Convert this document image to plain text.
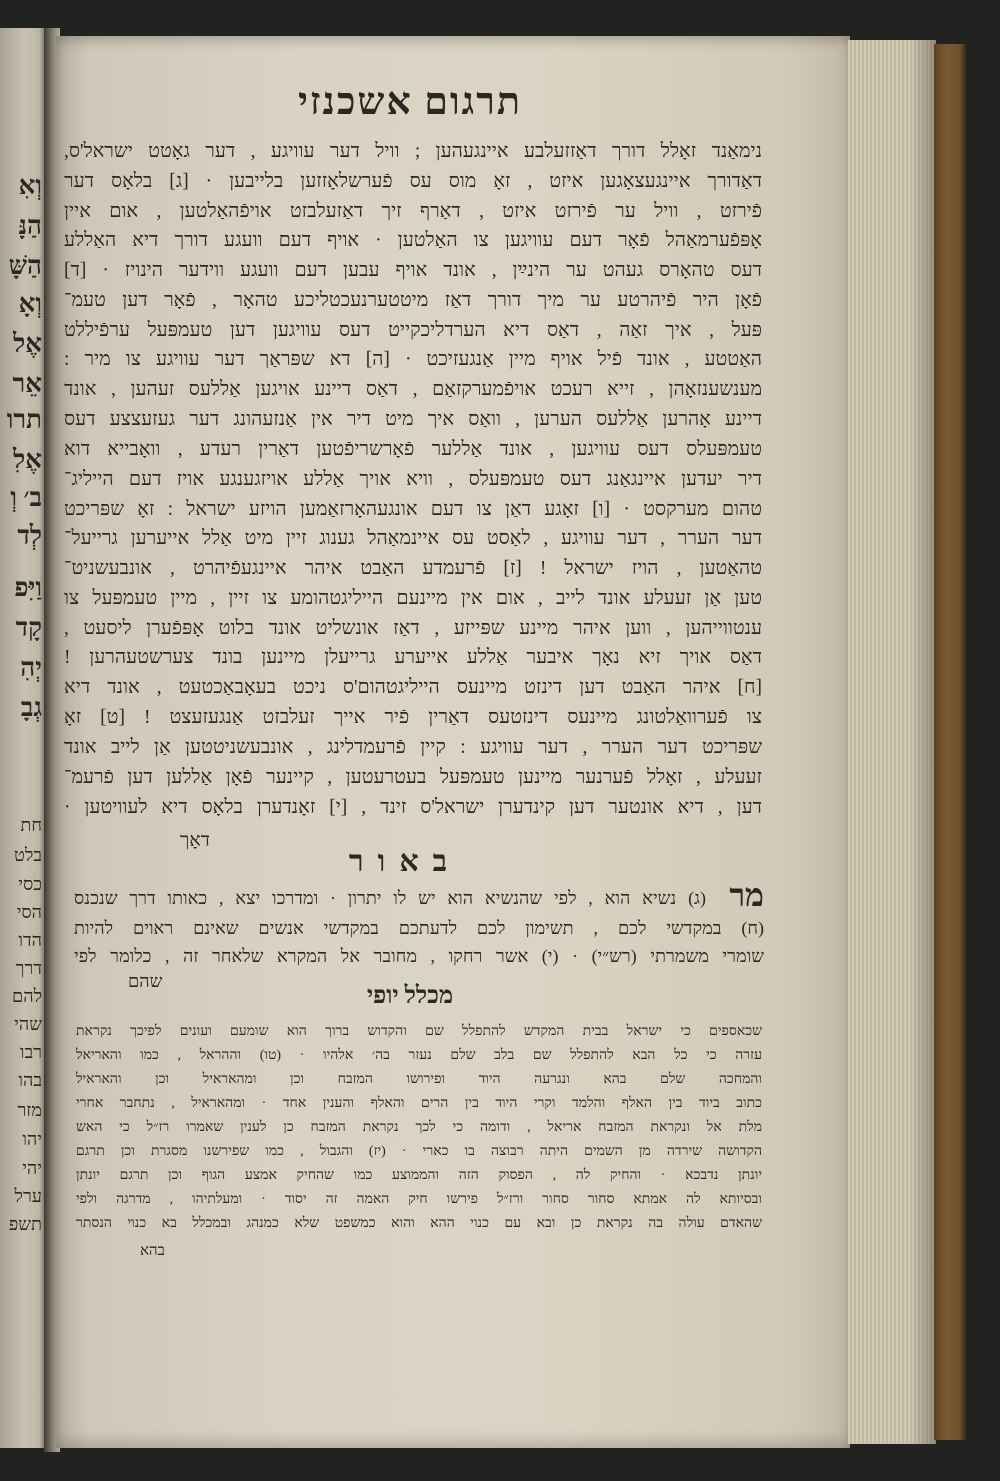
וְאִ
הַנָּ
הַשָּׁ
וְאָ
אֶל
אֵר
תרו
אֶלִ
ב׳ וְ
לְד
וַיִּפ
קָד
יְהִ
גְבָ
חת
בלט
כסי
הסי
הדו
דרך
להם
שהי
רבו
בהו
מזר
יהו
יהי
ערל
תשפ
תרגום אשכנזי
נימאַנד זאָלל דורך דאַזזעלבע איינגעהען ; וויל דער עוויגע , דער גאָטט ישראל'ס,
דאַדורך איינגעצאָגען איזט , זאָ מוס עס פֿערשלאָזזען בלייבען · [ג] בלאָס דער
פֿירזט , וויל ער פֿירזט איזט , דאַרף זיך דאַזעלבזט אויפֿהאַלטען , אום איין
אָפּפֿערמאַהל פֿאָר דעם עוויגען צו האַלטען · אויף דעם וועגע דורך דיא האַללע
דעס טהאָרס געהט ער הינײַן , אונד אויף עבען דעם וועגע ווידער הינויז · [ד]
פֿאָן היר פֿיהרטע ער מיך דורך דאַז מיטטערנעכטליכע טהאָר , פֿאָר דען טעמ־
פּעל , איך זאַה , דאַס דיא הערדליכקייט דעס עוויגען דען טעמפּעל ערפֿיללט
האַטטע , אונד פֿיל אויף מיין אַנגעזיכט · [ה] דא שפּראַך דער עוויגע צו מיר :
מענשענזאָהן , זייא רעכט אויפֿמערקזאַם , דאַס דיינע אויגען אַללעס זעהען , אונד
דיינע אָהרען אַללעס הערען , וואַס איך מיט דיר אין אַנזעהונג דער געזעצצע דעס
טעמפּעלס דעס עוויגען , אונד אַללער פֿאָרשריפֿטען דאַרין רעדע , וואָבייא דוא
דיר יעדען איינגאַנג דעס טעמפּעלס , וויא אויך אַללע אויזגענגע אויז דעם הייליג־
טהום מערקסט · [ו] זאָגע דאַן צו דעם אונגעהאָרזאַמען הויזע ישראל : זאָ שפּריכט
דער הערר , דער עוויגע , לאַסט עס איינמאַהל גענוג זיין מיט אַלל אייערען גרייעל־
טהאַטען , הויז ישראל ! [ז] פֿרעמדע האַבט איהר איינגעפֿיהרט , אונבעשניט־
טען אַן זעעלע אונד לייב , אום אין מיינעם הייליגטהומע צו זיין , מיין טעמפּעל צו
ענטווייהען , ווען איהר מיינע שפּייזע , דאַז אונשליט אונד בלוט אָפּפֿערן ליסעט ,
דאַס אויך זיא נאָך איבער אַללע אייערע גרייעלן מיינען בונד צערשטעהרען !
[ח] איהר האַבט דען דינזט מיינעס הייליגטהום'ס ניכט בעאָבאַכטעט , אונד דיא
צו פֿערוואַלטונג מיינעס דינזטעס דאַרין פֿיר אייך זעלבזט אַנגעזעצט ! [ט] זאָ
שפּריכט דער הערר , דער עוויגע : קיין פֿרעמדלינג , אונבעשניטטען אַן לייב אונד
זעעלע , זאָלל פֿערנער מיינען טעמפּעל בעטרעטען , קיינער פֿאָן אַללען דען פֿרעמ־
דען , דיא אונטער דען קינדערן ישראל'ס זינד , [י] זאָנדערן בלאָס דיא לעוויטען ·
דאָך
באור
מר
(ג) נשיא הוא , לפי שהנשיא הוא יש לו יתרון · ומדרכו יצא , כאותו דרך שנכנס
(ח) במקדשי לכם , תשימון לכם לדעתכם במקדשי אנשים שאינם ראוים להיות
שומרי משמרתי (רש״י) · (י) אשר רחקו , מחובר אל המקרא שלאחר זה , כלומר לפי
שהם
מכלל יופי
שכאספים כי ישראל בבית המקדש להתפלל שם והקדוש ברוך הוא שומעם ועונים לפיכך נקראת
עזרה כי כל הבא להתפלל שם בלב שלם נעזר בה׳ אלהיו · (טו) וההראל , כמו והאריאל
והמחכה שלם בהא ונגרעה היוד ופירושו המזבח וכן ומהאראיל וכן והאראיל
כתוב ביוד בין האלף והלמד וקרי היוד בין הרים והאלף והענין אחד · ומהאראיל , נתחבר אחרי
מלת אל ונקראת המזבח אריאל , ודומה כי לכך נקראת המזבח כן לענין שאמרו רז״ל כי האש
הקדושה שירדה מן השמים היתה רבוצה בו כארי · (יז) והגבול , כמו שפירשנו מסגרת וכן תרגם
יונתן נדבכא · והחיק לה , הפסוק הזה והממוצע כמו שהחיק אמצע הגוף וכן תרגם יונתן
ובסיותא לה אמתא סחור סחור ורז״ל פירשו חיק האמה זה יסוד · ומעלתיהו , מדרגה ולפי
שהאדם עולה בה נקראת כן ובא עם כנוי ההא והוא כמשפט שלא כמנהג ובמכלל בא כנוי הנסתר
בהא
